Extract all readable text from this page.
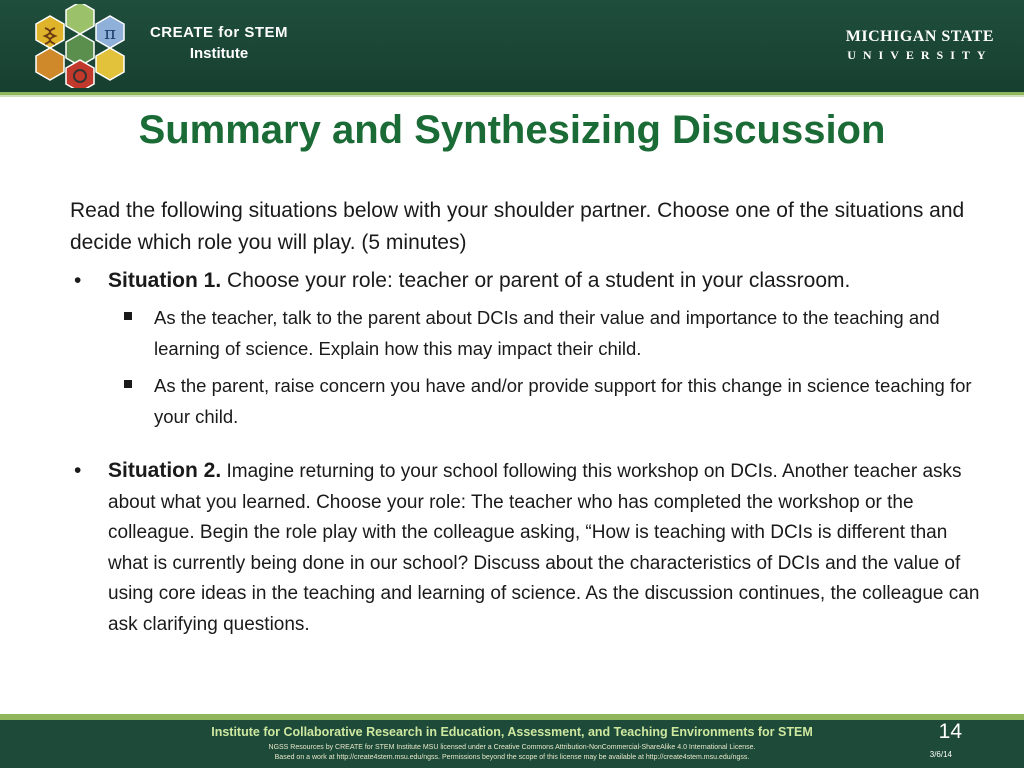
π	CREATE for STEM
Institute
MICHIGAN STATE
UNIVERSITY
Summary and Synthesizing Discussion
Read the following situations below with your shoulder partner. Choose one of the situations and decide which role you will play. (5 minutes)
• Situation 1. Choose your role: teacher or parent of a student in your classroom.
As the teacher, talk to the parent about DCIs and their value and importance to the teaching and learning of science. Explain how this may impact their child.
As the parent, raise concern you have and/or provide support for this change in science teaching for your child.
• Situation 2. Imagine returning to your school following this workshop on DCIs. Another teacher asks about what you learned. Choose your role: The teacher who has completed the workshop or the colleague. Begin the role play with the colleague asking, “How is teaching with DCIs is different than what is currently being done in our school? Discuss about the characteristics of DCIs and the value of using core ideas in the teaching and learning of science. As the discussion continues, the colleague can ask clarifying questions.
Institute for Collaborative Research in Education, Assessment, and Teaching Environments for STEM
NGSS Resources by CREATE for STEM Institute MSU licensed under a Creative Commons Attribution-NonCommercial-ShareAlike 4.0 International License.
Based on a work at http://create4stem.msu.edu/ngss. Permissions beyond the scope of this license may be available at http://create4stem.msu.edu/ngss.
14
3/6/14
